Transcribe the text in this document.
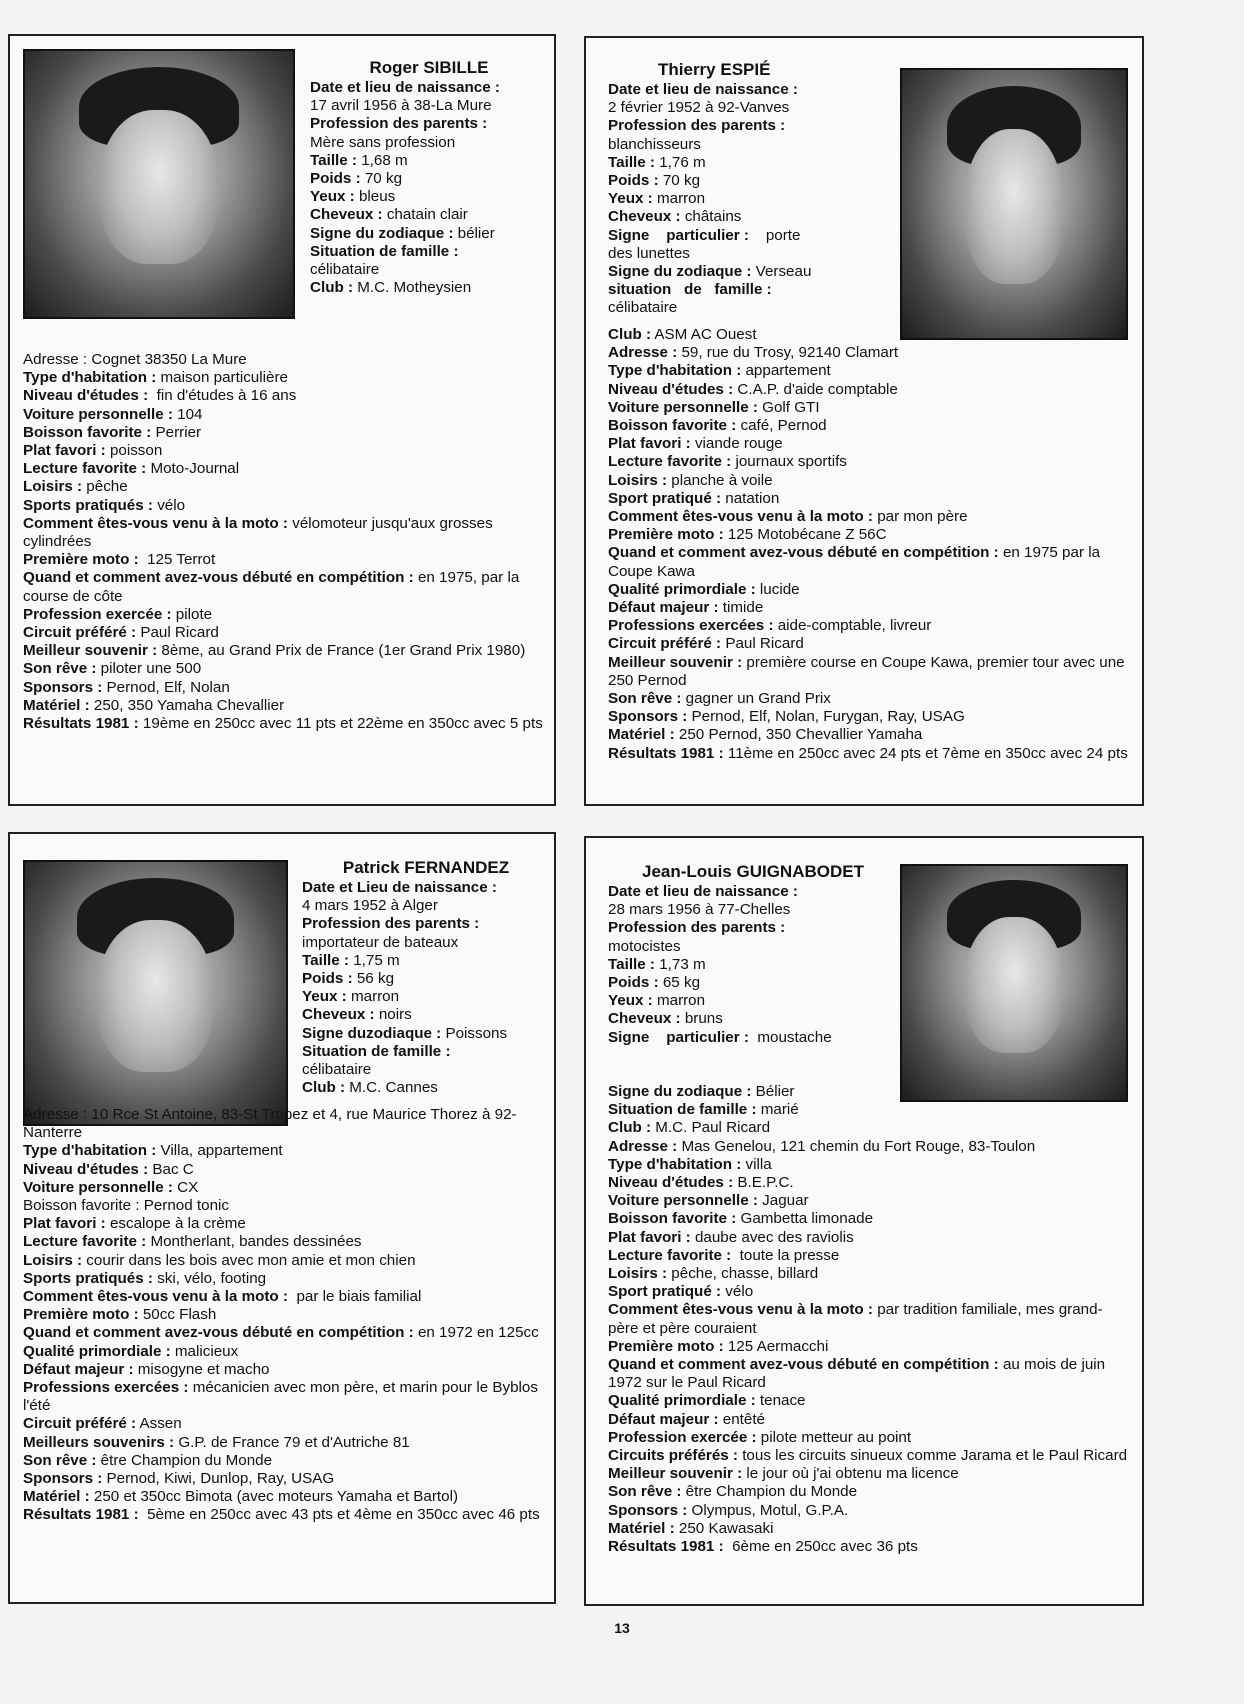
Roger SIBILLE
Date et lieu de naissance :
17 avril 1956 à 38-La Mure
Profession des parents :
Mère sans profession
Taille : 1,68 m
Poids : 70 kg
Yeux : bleus
Cheveux : chatain clair
Signe du zodiaque : bélier
Situation de famille :
célibataire
Club : M.C. Motheysien
Adresse : Cognet 38350 La Mure
Type d'habitation : maison particulière
Niveau d'études :  fin d'études à 16 ans
Voiture personnelle : 104
Boisson favorite : Perrier
Plat favori : poisson
Lecture favorite : Moto-Journal
Loisirs : pêche
Sports pratiqués : vélo
Comment êtes-vous venu à la moto : vélomoteur jusqu'aux grosses cylindrées
Première moto :  125 Terrot
Quand et comment avez-vous débuté en compétition : en 1975, par la course de côte
Profession exercée : pilote
Circuit préféré : Paul Ricard
Meilleur souvenir : 8ème, au Grand Prix de France (1er Grand Prix 1980)
Son rêve : piloter une 500
Sponsors : Pernod, Elf, Nolan
Matériel : 250, 350 Yamaha Chevallier
Résultats 1981 : 19ème en 250cc avec 11 pts et 22ème en 350cc avec 5 pts
Thierry ESPIÉ
Date et lieu de naissance :
2 février 1952 à 92-Vanves
Profession des parents :
blanchisseurs
Taille : 1,76 m
Poids : 70 kg
Yeux : marron
Cheveux : châtains
Signe    particulier :    porte
des lunettes
Signe du zodiaque : Verseau
situation   de   famille :
célibataire
Club : ASM AC Ouest
Adresse : 59, rue du Trosy, 92140 Clamart
Type d'habitation : appartement
Niveau d'études : C.A.P. d'aide comptable
Voiture personnelle : Golf GTI
Boisson favorite : café, Pernod
Plat favori : viande rouge
Lecture favorite : journaux sportifs
Loisirs : planche à voile
Sport pratiqué : natation
Comment êtes-vous venu à la moto : par mon père
Première moto : 125 Motobécane Z 56C
Quand et comment avez-vous débuté en compétition : en 1975 par la Coupe Kawa
Qualité primordiale : lucide
Défaut majeur : timide
Professions exercées : aide-comptable, livreur
Circuit préféré : Paul Ricard
Meilleur souvenir : première course en Coupe Kawa, premier tour avec une 250 Pernod
Son rêve : gagner un Grand Prix
Sponsors : Pernod, Elf, Nolan, Furygan, Ray, USAG
Matériel : 250 Pernod, 350 Chevallier Yamaha
Résultats 1981 : 11ème en 250cc avec 24 pts et 7ème en 350cc avec 24 pts
Patrick FERNANDEZ
Date et Lieu de naissance :
4 mars 1952 à Alger
Profession des parents :
importateur de bateaux
Taille : 1,75 m
Poids : 56 kg
Yeux : marron
Cheveux : noirs
Signe duzodiaque : Poissons
Situation de famille :
célibataire
Club : M.C. Cannes
Adresse : 10 Rce St Antoine, 83-St Tropez et 4, rue Maurice Thorez à 92-Nanterre
Type d'habitation : Villa, appartement
Niveau d'études : Bac C
Voiture personnelle : CX
Boisson favorite : Pernod tonic
Plat favori : escalope à la crème
Lecture favorite : Montherlant, bandes dessinées
Loisirs : courir dans les bois avec mon amie et mon chien
Sports pratiqués : ski, vélo, footing
Comment êtes-vous venu à la moto :  par le biais familial
Première moto : 50cc Flash
Quand et comment avez-vous débuté en compétition : en 1972 en 125cc
Qualité primordiale : malicieux
Défaut majeur : misogyne et macho
Professions exercées : mécanicien avec mon père, et marin pour le Byblos l'été
Circuit préféré : Assen
Meilleurs souvenirs : G.P. de France 79 et d'Autriche 81
Son rêve : être Champion du Monde
Sponsors : Pernod, Kiwi, Dunlop, Ray, USAG
Matériel : 250 et 350cc Bimota (avec moteurs Yamaha et Bartol)
Résultats 1981 :  5ème en 250cc avec 43 pts et 4ème en 350cc avec 46 pts
Jean-Louis GUIGNABODET
Date et lieu de naissance :
28 mars 1956 à 77-Chelles
Profession des parents :
motocistes
Taille : 1,73 m
Poids : 65 kg
Yeux : marron
Cheveux : bruns
Signe    particulier :  moustache
Signe du zodiaque : Bélier
Situation de famille : marié
Club : M.C. Paul Ricard
Adresse : Mas Genelou, 121 chemin du Fort Rouge, 83-Toulon
Type d'habitation : villa
Niveau d'études : B.E.P.C.
Voiture personnelle : Jaguar
Boisson favorite : Gambetta limonade
Plat favori : daube avec des raviolis
Lecture favorite :  toute la presse
Loisirs : pêche, chasse, billard
Sport pratiqué : vélo
Comment êtes-vous venu à la moto : par tradition familiale, mes grand-père et père couraient
Première moto : 125 Aermacchi
Quand et comment avez-vous débuté en compétition : au mois de juin 1972 sur le Paul Ricard
Qualité primordiale : tenace
Défaut majeur : entêté
Profession exercée : pilote metteur au point
Circuits préférés : tous les circuits sinueux comme Jarama et le Paul Ricard
Meilleur souvenir : le jour où j'ai obtenu ma licence
Son rêve : être Champion du Monde
Sponsors : Olympus, Motul, G.P.A.
Matériel : 250 Kawasaki
Résultats 1981 :  6ème en 250cc avec 36 pts
13
